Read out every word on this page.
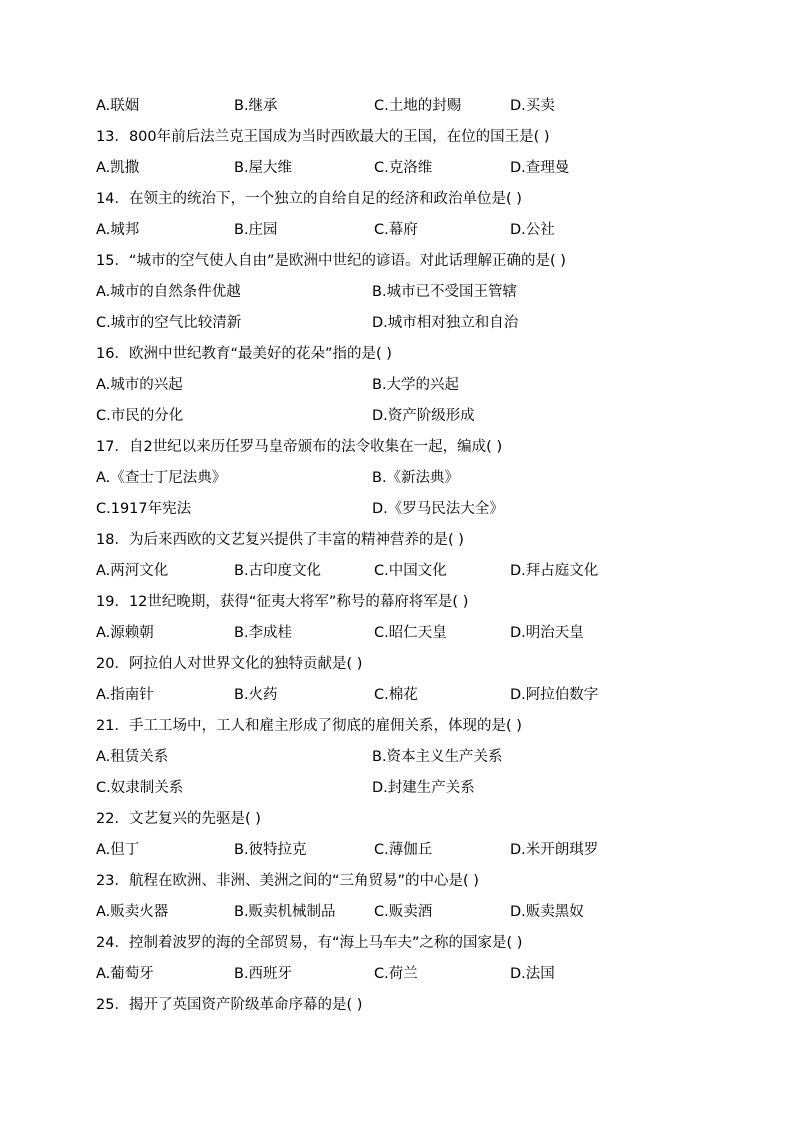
A.联姻	B.继承	C.土地的封赐	D.买卖
13．800年前后法兰克王国成为当时西欧最大的王国，在位的国王是( )
A.凯撒	B.屋大维	C.克洛维	D.查理曼
14．在领主的统治下，一个独立的自给自足的经济和政治单位是( )
A.城邦	B.庄园	C.幕府	D.公社
15．“城市的空气使人自由”是欧洲中世纪的谚语。对此话理解正确的是( )
A.城市的自然条件优越	B.城市已不受国王管辖
C.城市的空气比较清新	D.城市相对独立和自治
16．欧洲中世纪教育“最美好的花朵”指的是( )
A.城市的兴起	B.大学的兴起
C.市民的分化	D.资产阶级形成
17．自2世纪以来历任罗马皇帝颁布的法令收集在一起，编成( )
A.《查士丁尼法典》	B.《新法典》
C.1917年宪法	D.《罗马民法大全》
18．为后来西欧的文艺复兴提供了丰富的精神营养的是( )
A.两河文化	B.古印度文化	C.中国文化	D.拜占庭文化
19．12世纪晚期，获得“征夷大将军”称号的幕府将军是( )
A.源赖朝	B.李成桂	C.昭仁天皇	D.明治天皇
20．阿拉伯人对世界文化的独特贡献是( )
A.指南针	B.火药	C.棉花	D.阿拉伯数字
21．手工工场中，工人和雇主形成了彻底的雇佣关系，体现的是( )
A.租赁关系	B.资本主义生产关系
C.奴隶制关系	D.封建生产关系
22．文艺复兴的先驱是( )
A.但丁	B.彼特拉克	C.薄伽丘	D.米开朗琪罗
23．航程在欧洲、非洲、美洲之间的“三角贸易”的中心是( )
A.贩卖火器	B.贩卖机械制品	C.贩卖酒	D.贩卖黑奴
24．控制着波罗的海的全部贸易，有“海上马车夫”之称的国家是( )
A.葡萄牙	B.西班牙	C.荷兰	D.法国
25．揭开了英国资产阶级革命序幕的是( )
